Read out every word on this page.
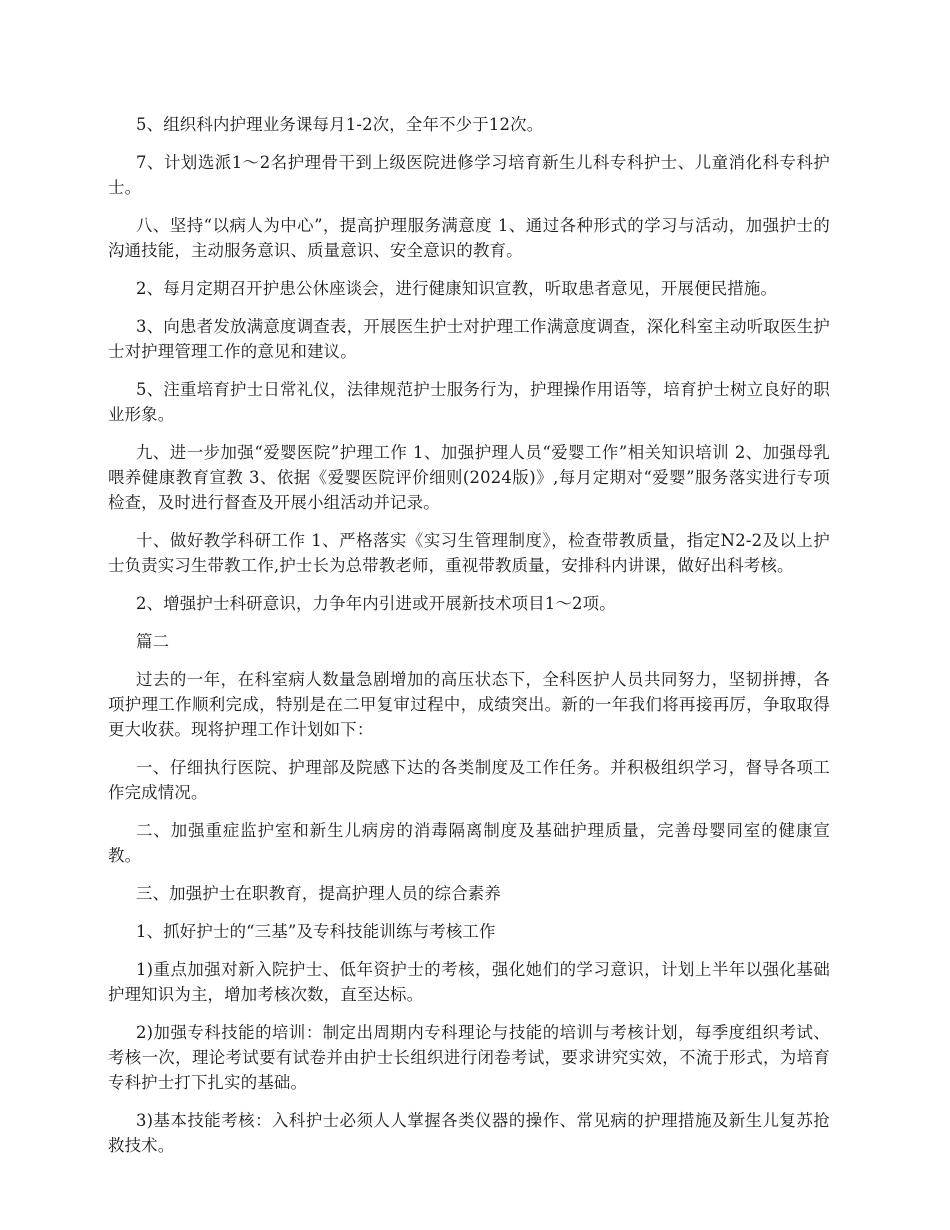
5、组织科内护理业务课每月1-2次，全年不少于12次。

7、计划选派1～2名护理骨干到上级医院进修学习培育新生儿科专科护士、儿童消化科专科护士。

八、坚持“以病人为中心”，提高护理服务满意度 1、通过各种形式的学习与活动，加强护士的沟通技能，主动服务意识、质量意识、安全意识的教育。

2、每月定期召开护患公休座谈会，进行健康知识宣教，听取患者意见，开展便民措施。

3、向患者发放满意度调查表，开展医生护士对护理工作满意度调查，深化科室主动听取医生护士对护理管理工作的意见和建议。

5、注重培育护士日常礼仪，法律规范护士服务行为，护理操作用语等，培育护士树立良好的职业形象。

九、进一步加强“爱婴医院”护理工作 1、加强护理人员“爱婴工作”相关知识培训 2、加强母乳喂养健康教育宣教 3、依据《爱婴医院评价细则(2024版)》,每月定期对“爱婴”服务落实进行专项检查，及时进行督查及开展小组活动并记录。

十、做好教学科研工作 1、严格落实《实习生管理制度》，检查带教质量，指定N2-2及以上护士负责实习生带教工作,护士长为总带教老师，重视带教质量，安排科内讲课，做好出科考核。

2、增强护士科研意识，力争年内引进或开展新技术项目1～2项。

篇二

过去的一年，在科室病人数量急剧增加的高压状态下，全科医护人员共同努力，坚韧拼搏，各项护理工作顺利完成，特别是在二甲复审过程中，成绩突出。新的一年我们将再接再厉，争取取得更大收获。现将护理工作计划如下：

一、仔细执行医院、护理部及院感下达的各类制度及工作任务。并积极组织学习，督导各项工作完成情况。

二、加强重症监护室和新生儿病房的消毒隔离制度及基础护理质量，完善母婴同室的健康宣教。

三、加强护士在职教育，提高护理人员的综合素养

1、抓好护士的“三基”及专科技能训练与考核工作

1)重点加强对新入院护士、低年资护士的考核，强化她们的学习意识，计划上半年以强化基础护理知识为主，增加考核次数，直至达标。

2)加强专科技能的培训：制定出周期内专科理论与技能的培训与考核计划，每季度组织考试、考核一次，理论考试要有试卷并由护士长组织进行闭卷考试，要求讲究实效，不流于形式，为培育专科护士打下扎实的基础。

3)基本技能考核：入科护士必须人人掌握各类仪器的操作、常见病的护理措施及新生儿复苏抢救技术。
